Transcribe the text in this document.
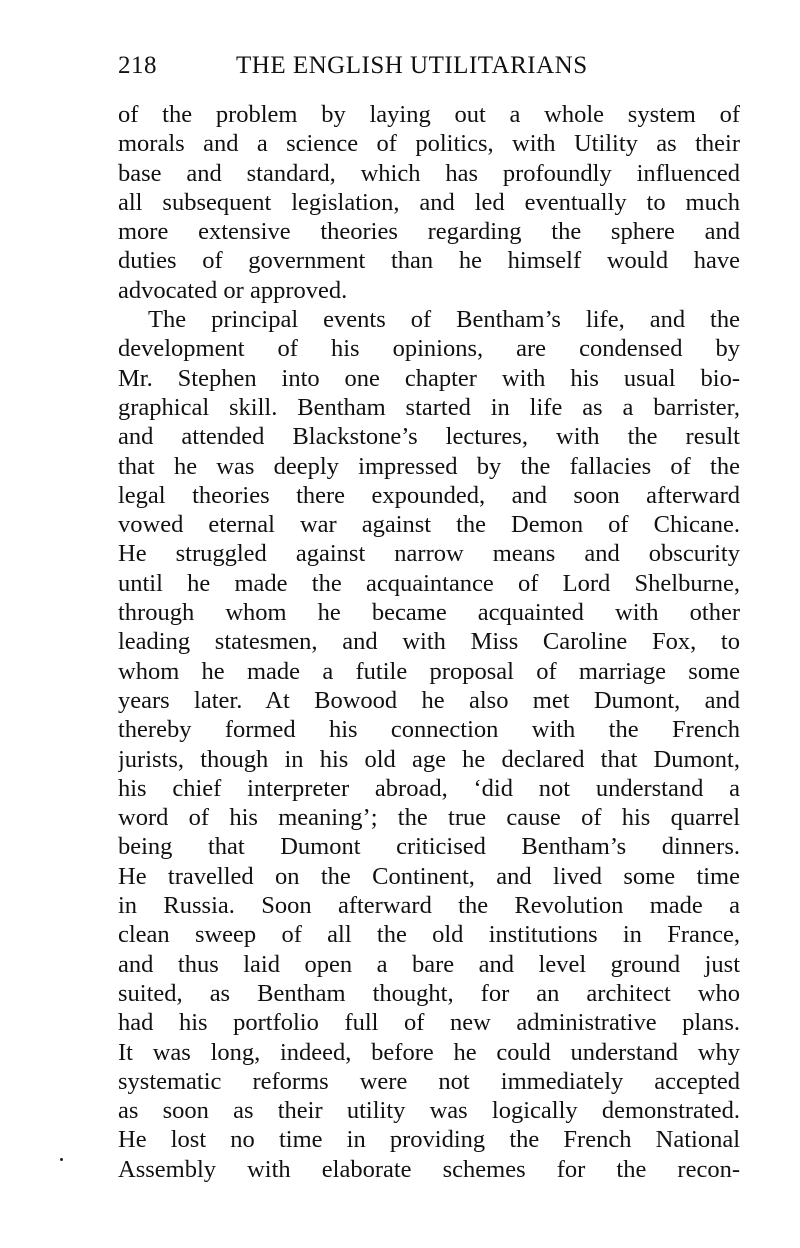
218	THE ENGLISH UTILITARIANS
of the problem by laying out a whole system of
morals and a science of politics, with Utility as their
base and standard, which has profoundly influenced
all subsequent legislation, and led eventually to much
more extensive theories regarding the sphere and
duties of government than he himself would have
advocated or approved.
The principal events of Bentham’s life, and the
development of his opinions, are condensed by
Mr. Stephen into one chapter with his usual bio-
graphical skill. Bentham started in life as a barrister,
and attended Blackstone’s lectures, with the result
that he was deeply impressed by the fallacies of the
legal theories there expounded, and soon afterward
vowed eternal war against the Demon of Chicane.
He struggled against narrow means and obscurity
until he made the acquaintance of Lord Shelburne,
through whom he became acquainted with other
leading statesmen, and with Miss Caroline Fox, to
whom he made a futile proposal of marriage some
years later. At Bowood he also met Dumont, and
thereby formed his connection with the French
jurists, though in his old age he declared that Dumont,
his chief interpreter abroad, ‘did not understand a
word of his meaning’; the true cause of his quarrel
being that Dumont criticised Bentham’s dinners.
He travelled on the Continent, and lived some time
in Russia. Soon afterward the Revolution made a
clean sweep of all the old institutions in France,
and thus laid open a bare and level ground just
suited, as Bentham thought, for an architect who
had his portfolio full of new administrative plans.
It was long, indeed, before he could understand why
systematic reforms were not immediately accepted
as soon as their utility was logically demonstrated.
He lost no time in providing the French National
Assembly with elaborate schemes for the recon-
